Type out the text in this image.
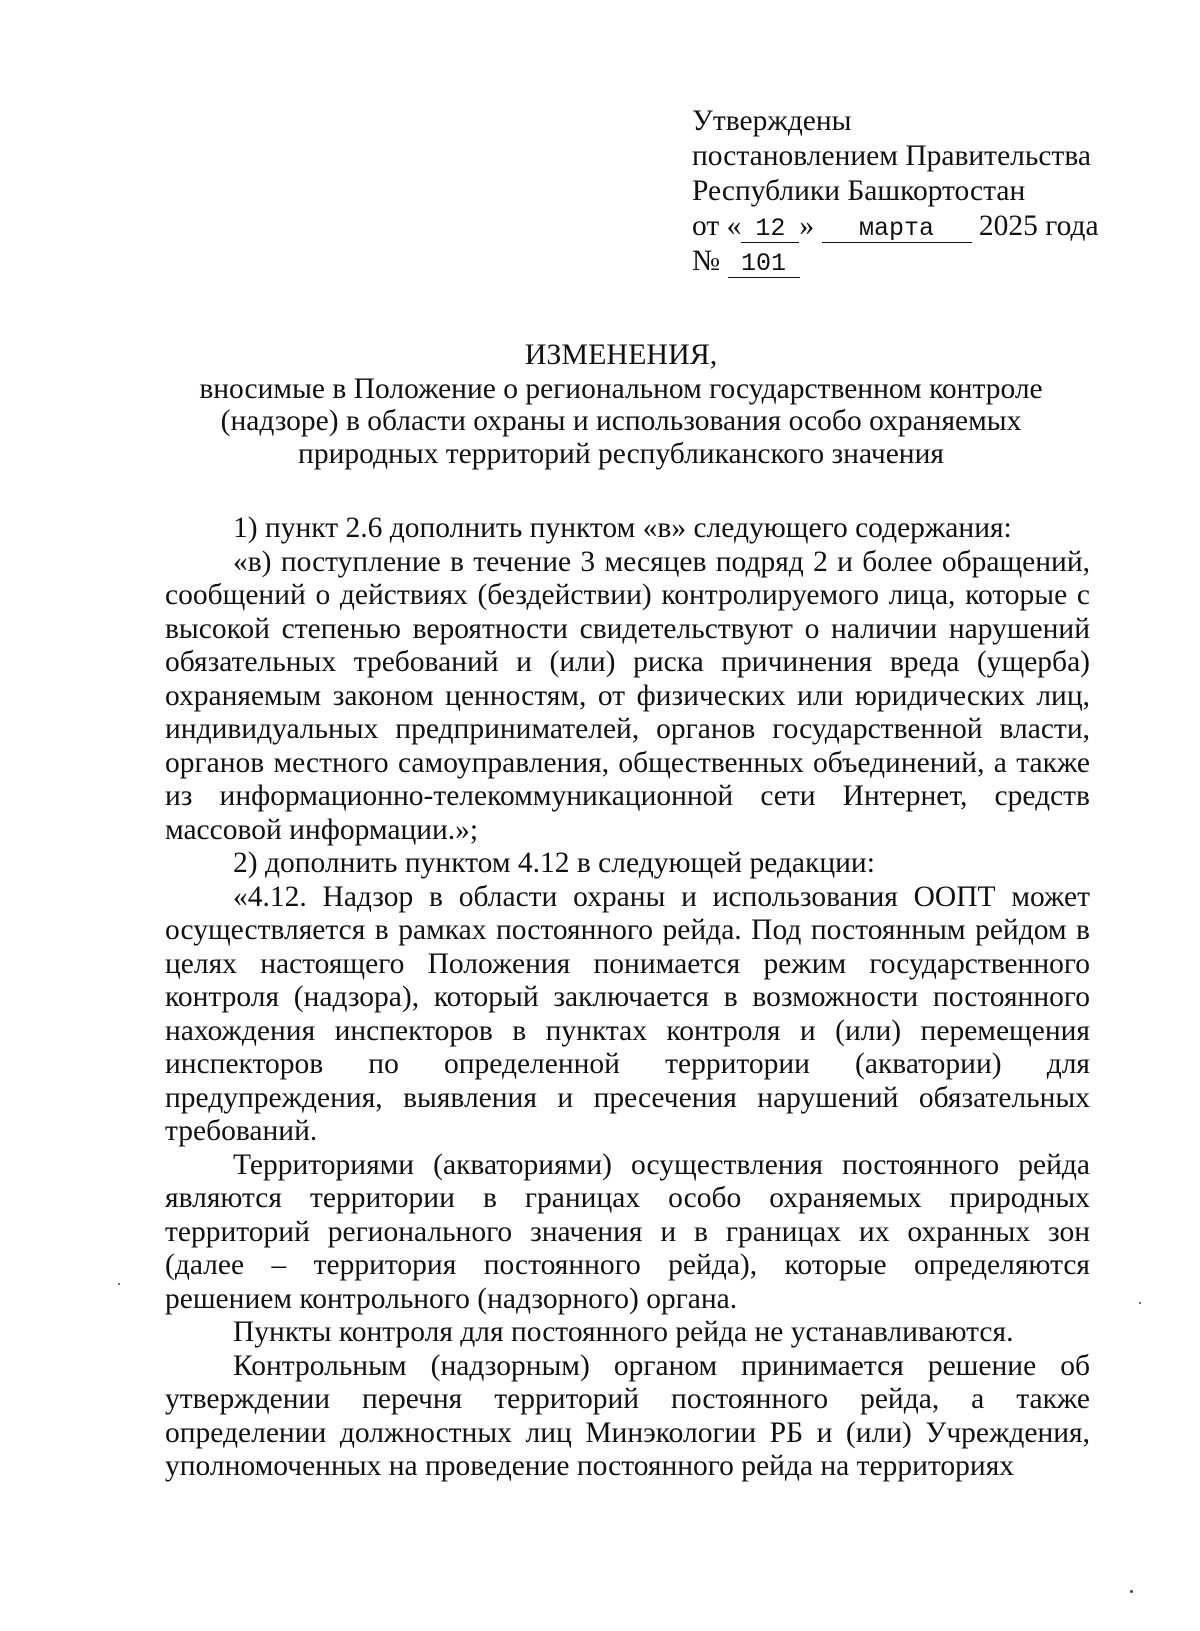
Утверждены
постановлением Правительства
Республики Башкортостан
от « 12 » марта 2025 года
№ 101
ИЗМЕНЕНИЯ,
вносимые в Положение о региональном государственном контроле (надзоре) в области охраны и использования особо охраняемых природных территорий республиканского значения

1) пункт 2.6 дополнить пунктом «в» следующего содержания:

«в) поступление в течение 3 месяцев подряд 2 и более обращений, сообщений о действиях (бездействии) контролируемого лица, которые с высокой степенью вероятности свидетельствуют о наличии нарушений обязательных требований и (или) риска причинения вреда (ущерба) охраняемым законом ценностям, от физических или юридических лиц, индивидуальных предпринимателей, органов государственной власти, органов местного самоуправления, общественных объединений, а также из информационно-телекоммуникационной сети Интернет, средств массовой информации.»;

2) дополнить пунктом 4.12 в следующей редакции:

«4.12. Надзор в области охраны и использования ООПТ может осуществляется в рамках постоянного рейда. Под постоянным рейдом в целях настоящего Положения понимается режим государственного контроля (надзора), который заключается в возможности постоянного нахождения инспекторов в пунктах контроля и (или) перемещения инспекторов по определенной территории (акватории) для предупреждения, выявления и пресечения нарушений обязательных требований.

Территориями (акваториями) осуществления постоянного рейда являются территории в границах особо охраняемых природных территорий регионального значения и в границах их охранных зон (далее – территория постоянного рейда), которые определяются решением контрольного (надзорного) органа.

Пункты контроля для постоянного рейда не устанавливаются.

Контрольным (надзорным) органом принимается решение об утверждении перечня территорий постоянного рейда, а также определении должностных лиц Минэкологии РБ и (или) Учреждения, уполномоченных на проведение постоянного рейда на территориях
